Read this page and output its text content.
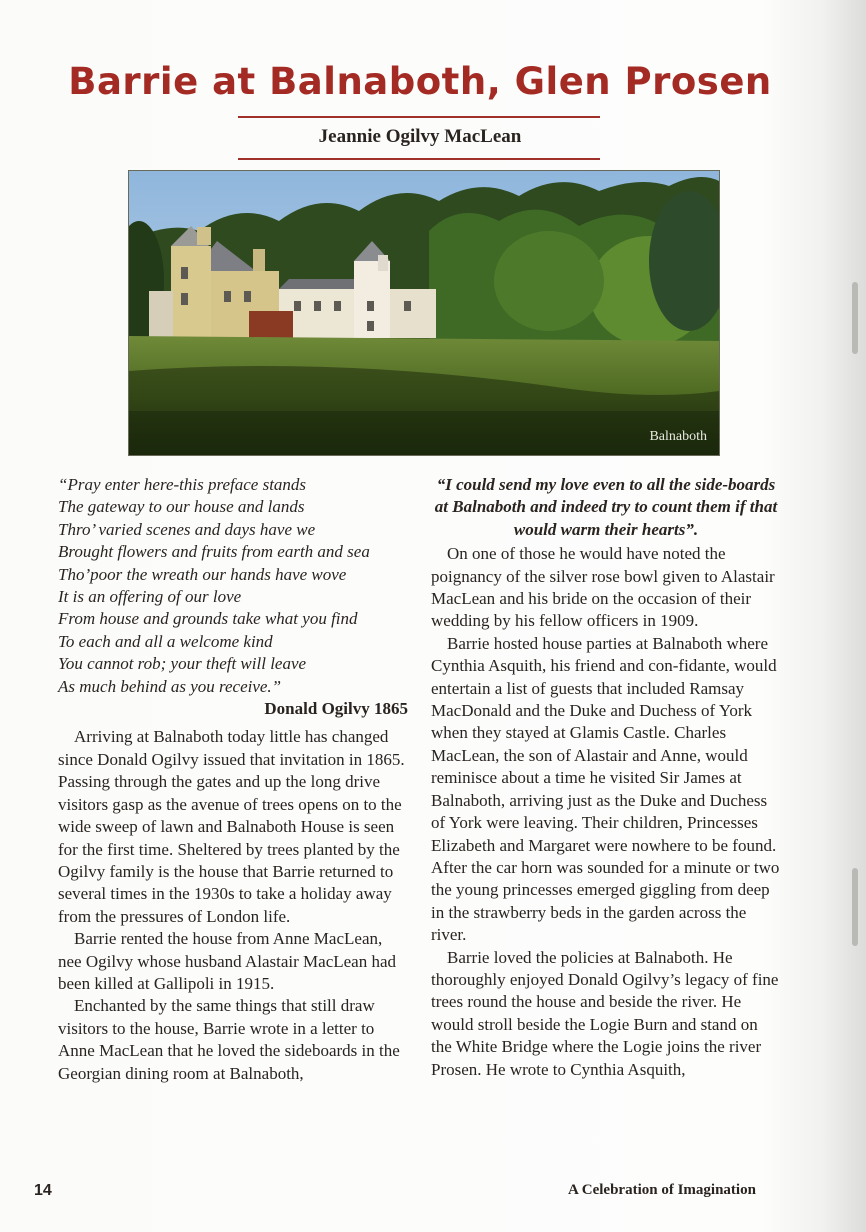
Barrie at Balnaboth, Glen Prosen
Jeannie Ogilvy MacLean
Balnaboth
“Pray enter here-this preface stands
The gateway to our house and lands
Thro’ varied scenes and days have we
Brought flowers and fruits from earth and sea
Tho’poor the wreath our hands have wove
It is an offering of our love
From house and grounds take what you find
To each and all a welcome kind
You cannot rob; your theft will leave
As much behind as you receive.”
Donald Ogilvy 1865

Arriving at Balnaboth today little has changed since Donald Ogilvy issued that invitation in 1865. Passing through the gates and up the long drive visitors gasp as the avenue of trees opens on to the wide sweep of lawn and Balnaboth House is seen for the first time. Sheltered by trees planted by the Ogilvy family is the house that Barrie returned to several times in the 1930s to take a holiday away from the pressures of London life.

Barrie rented the house from Anne MacLean, nee Ogilvy whose husband Alastair MacLean had been killed at Gallipoli in 1915.

Enchanted by the same things that still draw visitors to the house, Barrie wrote in a letter to Anne MacLean that he loved the sideboards in the Georgian dining room at Balnaboth,

“I could send my love even to all the side-boards at Balnaboth and indeed try to count them if that would warm their hearts”.

On one of those he would have noted the poignancy of the silver rose bowl given to Alastair MacLean and his bride on the occasion of their wedding by his fellow officers in 1909.

Barrie hosted house parties at Balnaboth where Cynthia Asquith, his friend and con-fidante, would entertain a list of guests that included Ramsay MacDonald and the Duke and Duchess of York when they stayed at Glamis Castle. Charles MacLean, the son of Alastair and Anne, would reminisce about a time he visited Sir James at Balnaboth, arriving just as the Duke and Duchess of York were leaving. Their children, Princesses Elizabeth and Margaret were nowhere to be found. After the car horn was sounded for a minute or two the young princesses emerged giggling from deep in the strawberry beds in the garden across the river.

Barrie loved the policies at Balnaboth. He thoroughly enjoyed Donald Ogilvy’s legacy of fine trees round the house and beside the river. He would stroll beside the Logie Burn and stand on the White Bridge where the Logie joins the river Prosen. He wrote to Cynthia Asquith,

14	A Celebration of Imagination
